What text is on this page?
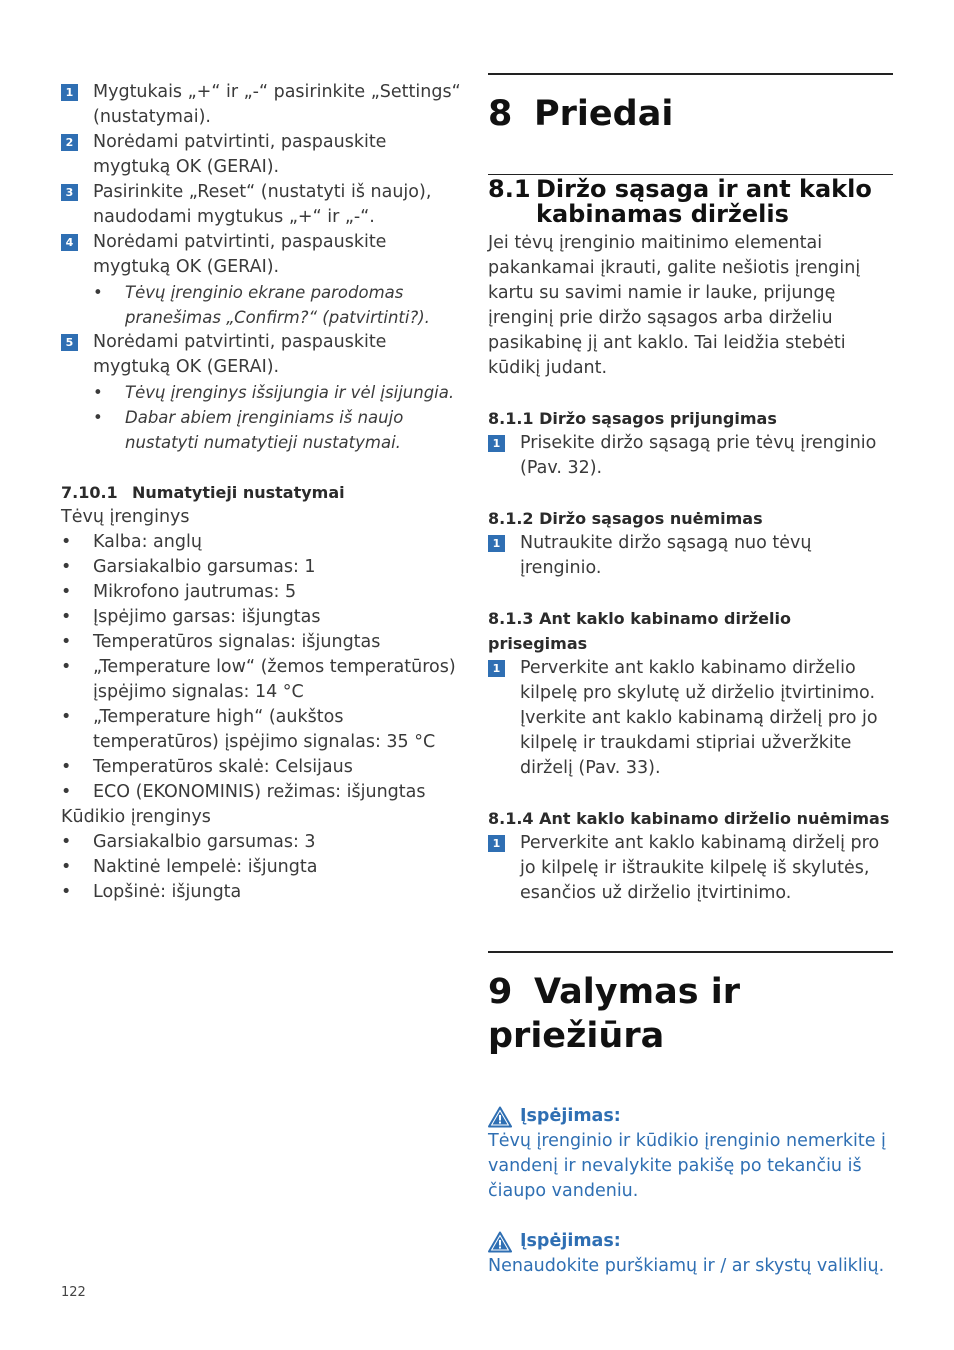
1 Mygtukais „+“ ir „-“ pasirinkite „Settings“ (nustatymai).
2 Norėdami patvirtinti, paspauskite mygtuką OK (GERAI).
3 Pasirinkite „Reset“ (nustatyti iš naujo), naudodami mygtukus „+“ ir „-“.
4 Norėdami patvirtinti, paspauskite mygtuką OK (GERAI).
• Tėvų įrenginio ekrane parodomas pranešimas „Confirm?“ (patvirtinti?).
5 Norėdami patvirtinti, paspauskite mygtuką OK (GERAI).
• Tėvų įrenginys išsijungia ir vėl įsijungia.
• Dabar abiem įrenginiams iš naujo nustatyti numatytieji nustatymai.
7.10.1 Numatytieji nustatymai
Tėvų įrenginys
• Kalba: anglų
• Garsiakalbio garsumas: 1
• Mikrofono jautrumas: 5
• Įspėjimo garsas: išjungtas
• Temperatūros signalas: išjungtas
• „Temperature low“ (žemos temperatūros) įspėjimo signalas: 14 °C
• „Temperature high“ (aukštos temperatūros) įspėjimo signalas: 35 °C
• Temperatūros skalė: Celsijaus
• ECO (EKONOMINIS) režimas: išjungtas
Kūdikio įrenginys
• Garsiakalbio garsumas: 3
• Naktinė lempelė: išjungta
• Lopšinė: išjungta
8 Priedai
8.1 Diržo sąsaga ir ant kaklo kabinamas dirželis
Jei tėvų įrenginio maitinimo elementai pakankamai įkrauti, galite nešiotis įrenginį kartu su savimi namie ir lauke, prijungę įrenginį prie diržo sąsagos arba dirželiu pasikabinę jį ant kaklo. Tai leidžia stebėti kūdikį judant.
8.1.1 Diržo sąsagos prijungimas
1 Prisekite diržo sąsagą prie tėvų įrenginio (Pav. 32).
8.1.2 Diržo sąsagos nuėmimas
1 Nutraukite diržo sąsagą nuo tėvų įrenginio.
8.1.3 Ant kaklo kabinamo dirželio prisegimas
1 Perverkite ant kaklo kabinamo dirželio kilpelę pro skylutę už dirželio įtvirtinimo. Įverkite ant kaklo kabinamą dirželį pro jo kilpelę ir traukdami stipriai užveržkite dirželį (Pav. 33).
8.1.4 Ant kaklo kabinamo dirželio nuėmimas
1 Perverkite ant kaklo kabinamą dirželį pro jo kilpelę ir ištraukite kilpelę iš skylutės, esančios už dirželio įtvirtinimo.
9 Valymas ir priežiūra
Įspėjimas:
Tėvų įrenginio ir kūdikio įrenginio nemerkite į vandenį ir nevalykite pakišę po tekančiu iš čiaupo vandeniu.
Įspėjimas:
Nenaudokite purškiamų ir / ar skystų valiklių.
122
